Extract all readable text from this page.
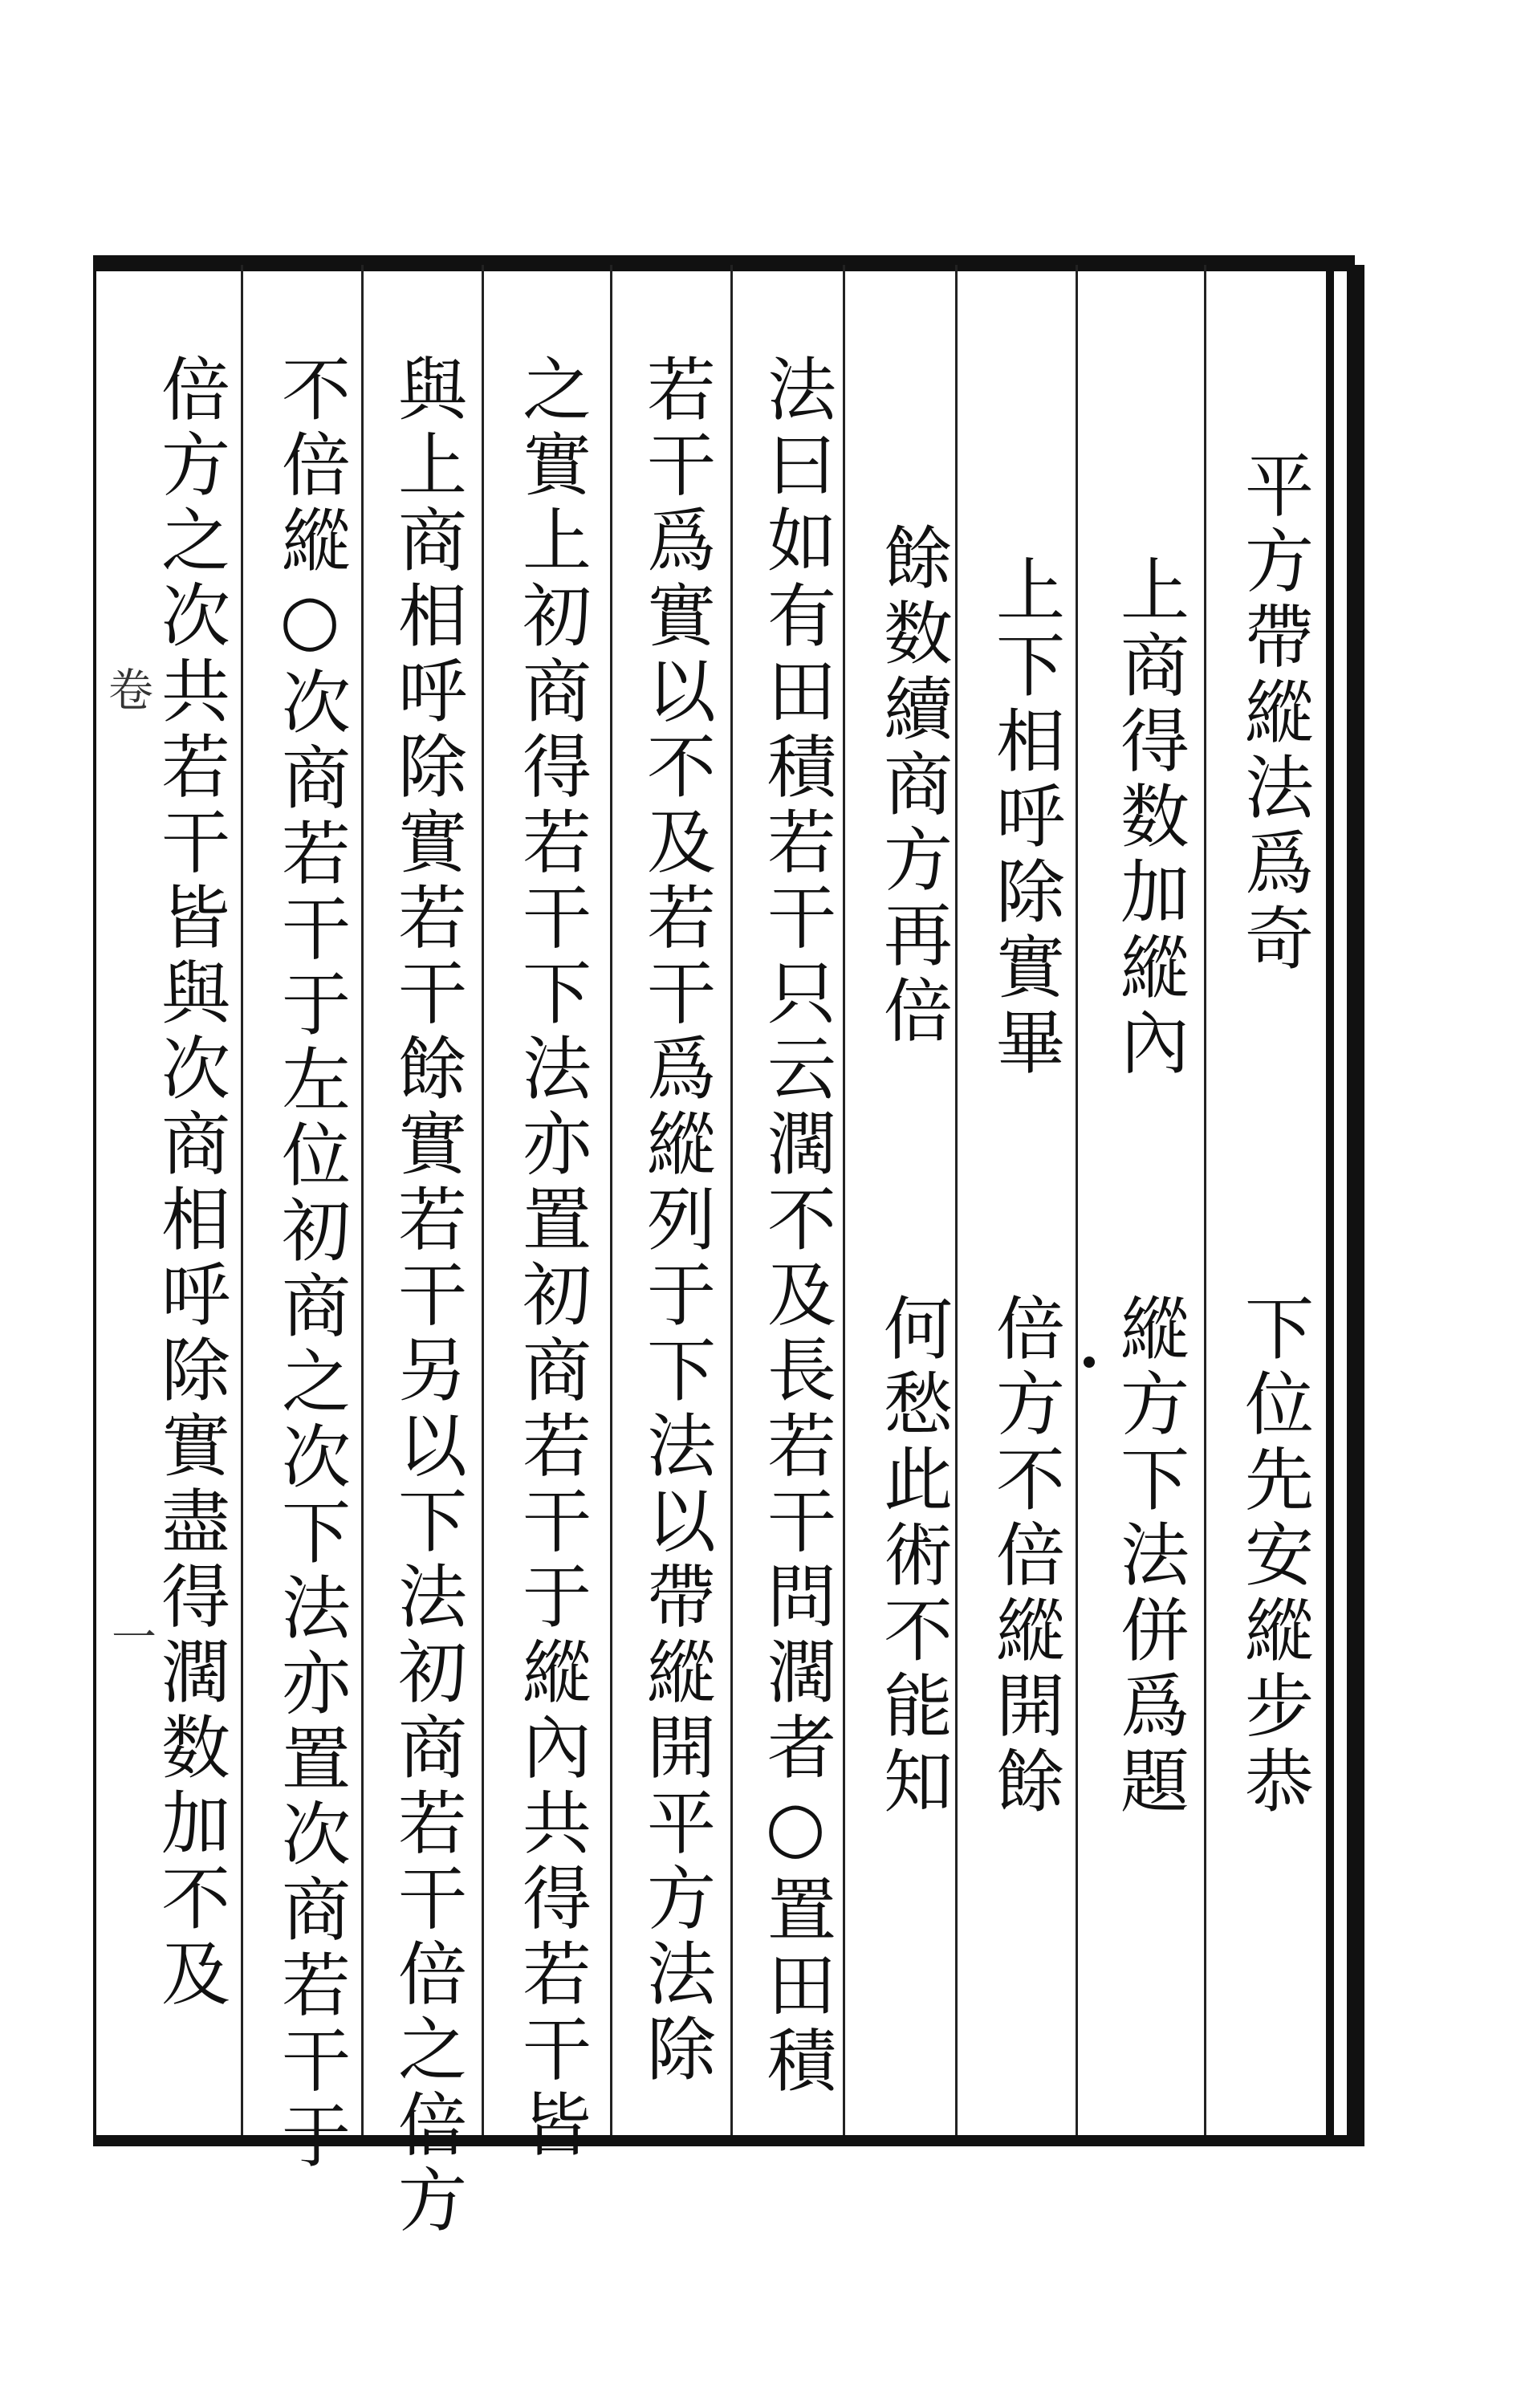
卷
一
平方帶縱法爲奇
下位先安縱步恭
上商得数加縱內
縱方下法併爲題
上下相呼除實畢
倍方不倍縱開餘
餘数續商方再倍
何愁此術不能知
法曰如有田積若干只云濶不及長若干問濶者○置田積
若干爲實以不及若干爲縱列于下法以帶縱開平方法除
之實上初商得若干下法亦置初商若干于縱內共得若干皆
與上商相呼除實若干餘實若干另以下法初商若干倍之倍方
不倍縱○次商若干于左位初商之次下法亦置次商若干于
倍方之次共若干皆與次商相呼除實盡得濶数加不及
